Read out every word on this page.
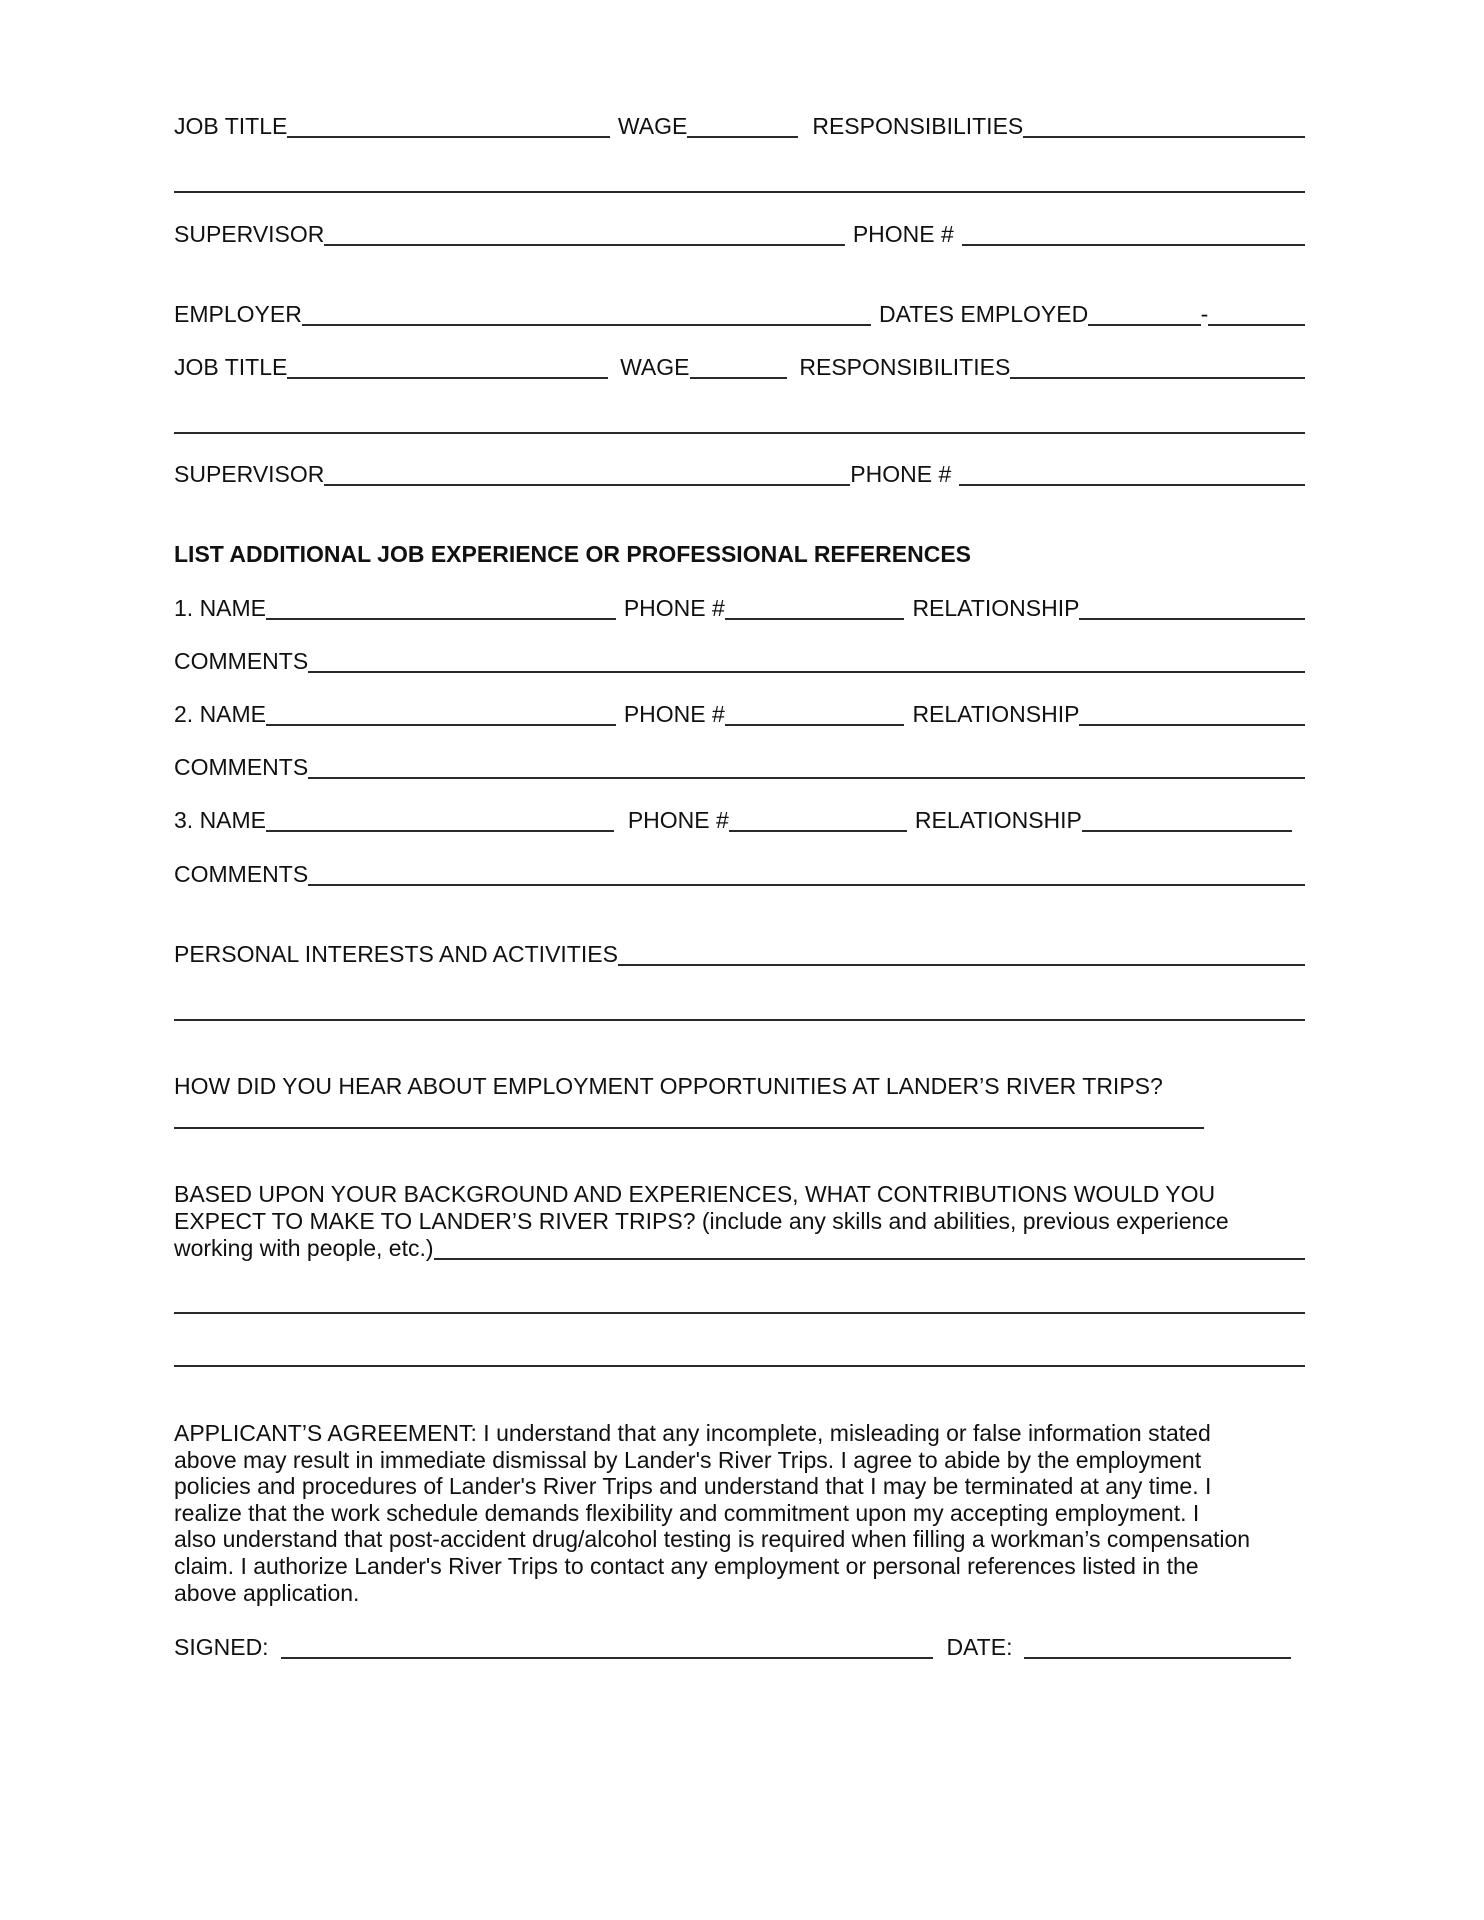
JOB TITLE	WAGE	RESPONSIBILITIES
SUPERVISOR	PHONE #
EMPLOYER	DATES EMPLOYED	-
JOB TITLE	WAGE	RESPONSIBILITIES
SUPERVISOR	PHONE #
LIST ADDITIONAL JOB EXPERIENCE OR PROFESSIONAL REFERENCES
1. NAME	PHONE #	RELATIONSHIP
COMMENTS
2. NAME	PHONE #	RELATIONSHIP
COMMENTS
3. NAME	PHONE #	RELATIONSHIP
COMMENTS
PERSONAL INTERESTS AND ACTIVITIES
HOW DID YOU HEAR ABOUT EMPLOYMENT OPPORTUNITIES AT LANDER’S RIVER TRIPS?
BASED UPON YOUR BACKGROUND AND EXPERIENCES, WHAT CONTRIBUTIONS WOULD YOU
EXPECT TO MAKE TO LANDER’S RIVER TRIPS? (include any skills and abilities, previous experience
working with people, etc.)
APPLICANT’S AGREEMENT: I understand that any incomplete, misleading or false information stated
above may result in immediate dismissal by Lander's River Trips. I agree to abide by the employment
policies and procedures of Lander's River Trips and understand that I may be terminated at any time. I
realize that the work schedule demands flexibility and commitment upon my accepting employment. I
also understand that post-accident drug/alcohol testing is required when filling a workman’s compensation
claim. I authorize Lander's River Trips to contact any employment or personal references listed in the
above application.
SIGNED:	DATE:
